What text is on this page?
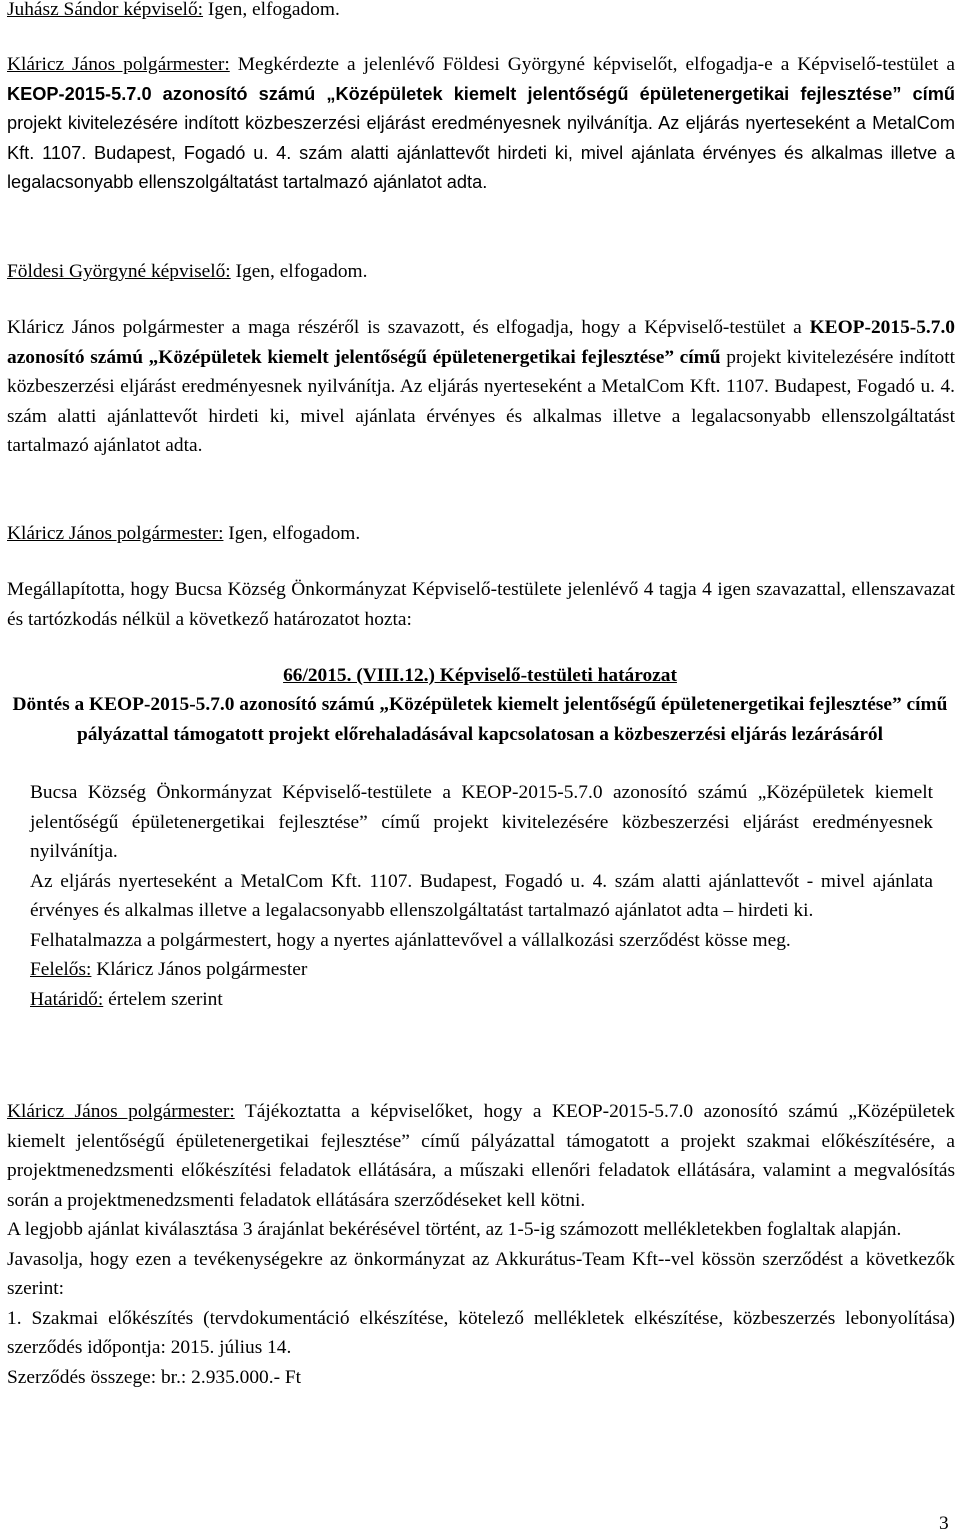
Juhász Sándor képviselő: Igen, elfogadom.

Kláricz János polgármester: Megkérdezte a jelenlévő Földesi Györgyné képviselőt, elfogadja-e a Képviselő-testület a KEOP-2015-5.7.0 azonosító számú „Középületek kiemelt jelentőségű épületenergetikai fejlesztése” című projekt kivitelezésére indított közbeszerzési eljárást eredményesnek nyilvánítja. Az eljárás nyerteseként a MetalCom Kft. 1107. Budapest, Fogadó u. 4. szám alatti ajánlattevőt hirdeti ki, mivel ajánlata érvényes és alkalmas illetve a legalacsonyabb ellenszolgáltatást tartalmazó ajánlatot adta.

Földesi Györgyné képviselő: Igen, elfogadom.

Kláricz János polgármester a maga részéről is szavazott, és elfogadja, hogy a Képviselő-testület a KEOP-2015-5.7.0 azonosító számú „Középületek kiemelt jelentőségű épületenergetikai fejlesztése” című projekt kivitelezésére indított közbeszerzési eljárást eredményesnek nyilvánítja. Az eljárás nyerteseként a MetalCom Kft. 1107. Budapest, Fogadó u. 4. szám alatti ajánlattevőt hirdeti ki, mivel ajánlata érvényes és alkalmas illetve a legalacsonyabb ellenszolgáltatást tartalmazó ajánlatot adta.

Kláricz János polgármester: Igen, elfogadom.

Megállapította, hogy Bucsa Község Önkormányzat Képviselő-testülete jelenlévő 4 tagja 4 igen szavazattal, ellenszavazat és tartózkodás nélkül a következő határozatot hozta:

66/2015. (VIII.12.) Képviselő-testületi határozat

Döntés a KEOP-2015-5.7.0 azonosító számú „Középületek kiemelt jelentőségű épületenergetikai fejlesztése” című pályázattal támogatott projekt előrehaladásával kapcsolatosan a közbeszerzési eljárás lezárásáról

Bucsa Község Önkormányzat Képviselő-testülete a KEOP-2015-5.7.0 azonosító számú „Középületek kiemelt jelentőségű épületenergetikai fejlesztése” című projekt kivitelezésére közbeszerzési eljárást eredményesnek nyilvánítja.
Az eljárás nyerteseként a MetalCom Kft. 1107. Budapest, Fogadó u. 4. szám alatti ajánlattevőt - mivel ajánlata érvényes és alkalmas illetve a legalacsonyabb ellenszolgáltatást tartalmazó ajánlatot adta – hirdeti ki.
Felhatalmazza a polgármestert, hogy a nyertes ajánlattevővel a vállalkozási szerződést kösse meg.
Felelős: Kláricz János polgármester
Határidő: értelem szerint
Kláricz János polgármester: Tájékoztatta a képviselőket, hogy a KEOP-2015-5.7.0 azonosító számú „Középületek kiemelt jelentőségű épületenergetikai fejlesztése” című pályázattal támogatott a projekt szakmai előkészítésére, a projektmenedzsmenti előkészítési feladatok ellátására, a műszaki ellenőri feladatok ellátására, valamint a megvalósítás során a projektmenedzsmenti feladatok ellátására szerződéseket kell kötni.
A legjobb ajánlat kiválasztása 3 árajánlat bekérésével történt, az 1-5-ig számozott mellékletekben foglaltak alapján.
Javasolja, hogy ezen a tevékenységekre az önkormányzat az Akkurátus-Team Kft--vel kössön szerződést a következők szerint:
1. Szakmai előkészítés (tervdokumentáció elkészítése, kötelező mellékletek elkészítése, közbeszerzés lebonyolítása) szerződés időpontja: 2015. július 14.
Szerződés összege: br.: 2.935.000.- Ft
3
